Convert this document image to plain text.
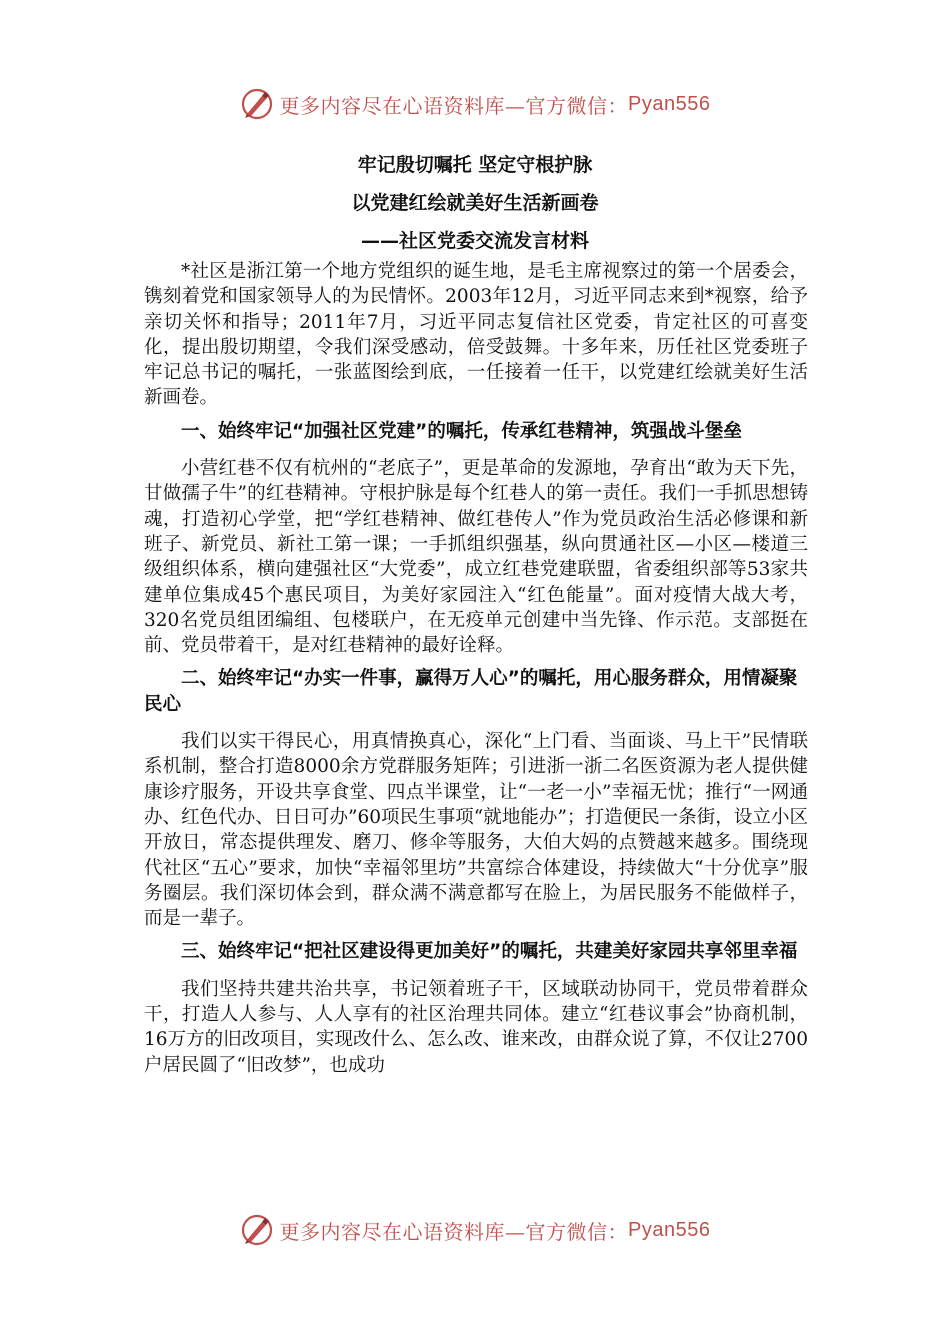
更多内容尽在心语资料库—官方微信： Pyan556
牢记殷切嘱托 坚定守根护脉
以党建红绘就美好生活新画卷
——社区党委交流发言材料

*社区是浙江第一个地方党组织的诞生地，是毛主席视察过的第一个居委会，镌刻着党和国家领导人的为民情怀。2003年12月，习近平同志来到*视察，给予亲切关怀和指导；2011年7月，习近平同志复信社区党委，肯定社区的可喜变化，提出殷切期望，令我们深受感动，倍受鼓舞。十多年来，历任社区党委班子牢记总书记的嘱托，一张蓝图绘到底，一任接着一任干，以党建红绘就美好生活新画卷。

一、始终牢记“加强社区党建”的嘱托，传承红巷精神，筑强战斗堡垒

小营红巷不仅有杭州的“老底子”，更是革命的发源地，孕育出“敢为天下先，甘做孺子牛”的红巷精神。守根护脉是每个红巷人的第一责任。我们一手抓思想铸魂，打造初心学堂，把“学红巷精神、做红巷传人”作为党员政治生活必修课和新班子、新党员、新社工第一课；一手抓组织强基，纵向贯通社区—小区—楼道三级组织体系，横向建强社区“大党委”，成立红巷党建联盟，省委组织部等53家共建单位集成45个惠民项目，为美好家园注入“红色能量”。面对疫情大战大考，320名党员组团编组、包楼联户，在无疫单元创建中当先锋、作示范。支部挺在前、党员带着干，是对红巷精神的最好诠释。

二、始终牢记“办实一件事，赢得万人心”的嘱托，用心服务群众，用情凝聚民心

我们以实干得民心，用真情换真心，深化“上门看、当面谈、马上干”民情联系机制，整合打造8000余方党群服务矩阵；引进浙一浙二名医资源为老人提供健康诊疗服务，开设共享食堂、四点半课堂，让“一老一小”幸福无忧；推行“一网通办、红色代办、日日可办”60项民生事项“就地能办”；打造便民一条街，设立小区开放日，常态提供理发、磨刀、修伞等服务，大伯大妈的点赞越来越多。围绕现代社区“五心”要求，加快“幸福邻里坊”共富综合体建设，持续做大“十分优享”服务圈层。我们深切体会到，群众满不满意都写在脸上，为居民服务不能做样子，而是一辈子。

三、始终牢记“把社区建设得更加美好”的嘱托，共建美好家园共享邻里幸福

我们坚持共建共治共享，书记领着班子干，区域联动协同干，党员带着群众干，打造人人参与、人人享有的社区治理共同体。建立“红巷议事会”协商机制，16万方的旧改项目，实现改什么、怎么改、谁来改，由群众说了算，不仅让2700户居民圆了“旧改梦”，也成功

更多内容尽在心语资料库—官方微信： Pyan556
